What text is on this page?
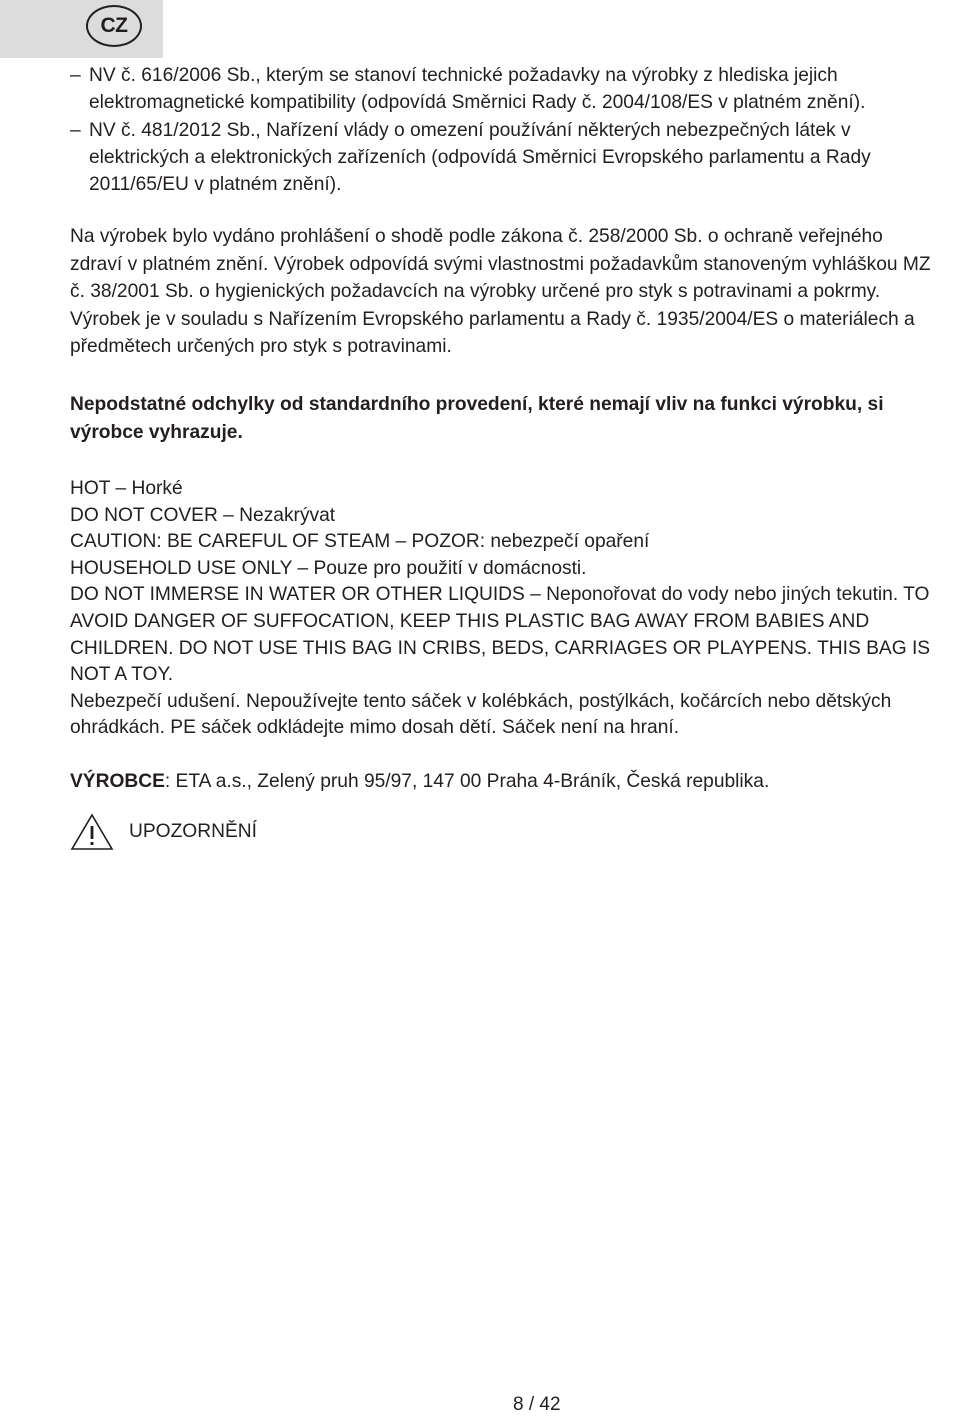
CZ
– NV č. 616/2006 Sb., kterým se stanoví technické požadavky na výrobky z hlediska jejich elektromagnetické kompatibility (odpovídá Směrnici Rady č. 2004/108/ES v platném znění).
– NV č. 481/2012 Sb., Nařízení vlády o omezení používání některých nebezpečných látek v elektrických a elektronických zařízeních (odpovídá Směrnici Evropského parlamentu a Rady 2011/65/EU v platném znění).
Na výrobek bylo vydáno prohlášení o shodě podle zákona č. 258/2000 Sb. o ochraně veřejného zdraví v platném znění. Výrobek odpovídá svými vlastnostmi požadavkům stanoveným vyhláškou MZ č. 38/2001 Sb. o hygienických požadavcích na výrobky určené pro styk s potravinami a pokrmy. Výrobek je v souladu s Nařízením Evropského parlamentu a Rady č. 1935/2004/ES o materiálech a předmětech určených pro styk s potravinami.
Nepodstatné odchylky od standardního provedení, které nemají vliv na funkci výrobku, si výrobce vyhrazuje.
HOT – Horké
DO NOT COVER – Nezakrývat
CAUTION: BE CAREFUL OF STEAM – POZOR: nebezpečí opaření
HOUSEHOLD USE ONLY – Pouze pro použití v domácnosti.
DO NOT IMMERSE IN WATER OR OTHER LIQUIDS – Neponořovat do vody nebo jiných tekutin. TO AVOID DANGER OF SUFFOCATION, KEEP THIS PLASTIC BAG AWAY FROM BABIES AND CHILDREN. DO NOT USE THIS BAG IN CRIBS, BEDS, CARRIAGES OR PLAYPENS. THIS BAG IS NOT A TOY.
Nebezpečí udušení. Nepoužívejte tento sáček v kolébkách, postýlkách, kočárcích nebo dětských ohrádkách. PE sáček odkládejte mimo dosah dětí. Sáček není na hraní.
VÝROBCE: ETA a.s., Zelený pruh 95/97, 147 00 Praha 4-Bráník, Česká republika.
UPOZORNĚNÍ
8 / 42
